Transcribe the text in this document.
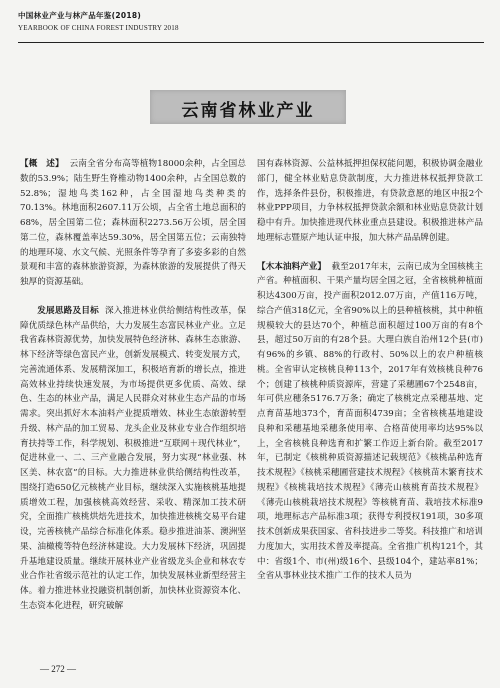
中国林业产业与林产品年鉴(2018)
YEARBOOK OF CHINA FOREST INDUSTRY 2018
云南省林业产业

【概　述】 云南全省分布高等植物18000余种，占全国总数的53.9%；陆生野生脊椎动物1400余种，占全国总数的52.8%；湿地鸟类162种，占全国湿地鸟类种类的70.13%。林地面积2607.11万公顷，占全省土地总面积的68%，居全国第二位；森林面积2273.56万公顷，居全国第二位，森林覆盖率达59.30%，居全国第五位；云南独特的地理环境、水文气候、光照条件等孕育了多姿多彩的自然景观和丰富的森林旅游资源，为森林旅游的发展提供了得天独厚的资源基础。

发展思路及目标 深入推进林业供给侧结构性改革，保障优质绿色林产品供给，大力发展生态富民林业产业。立足我省森林资源优势，加快发展特色经济林、森林生态旅游、林下经济等绿色富民产业，创新发展模式、转变发展方式，完善流通体系、发展精深加工，积极培育新的增长点，推进高效林业持续快速发展，为市场提供更多优质、高效、绿色、生态的林业产品，满足人民群众对林业生态产品的市场需求。突出抓好木本油料产业提质增效、林业生态旅游转型升级、林产品的加工贸易、龙头企业及林业专业合作组织培育扶持等工作，科学规划、积极推进“互联网＋现代林业”，促进林业一、二、三产业融合发展，努力实现“林业强、林区美、林农富”的目标。大力推进林业供给侧结构性改革，围绕打造650亿元核桃产业目标，继续深入实施核桃基地提质增效工程，加强核桃高效经营、采收、精深加工技术研究，全面推广核桃烘焙先进技术，加快推进核桃交易平台建设，完善核桃产品综合标准化体系。稳步推进油茶、澳洲坚果、油橄榄等特色经济林建设。大力发展林下经济，巩固提升基地建设质量。继续开展林业产业省级龙头企业和林农专业合作社省级示范社的认定工作，加快发展林业新型经营主体。着力推进林业投融资机制创新，加快林业资源资本化、生态资本化进程，研究破解

国有森林资源、公益林抵押担保权能问题，积极协调金融业部门，健全林业贴息贷款制度，大力推进林权抵押贷款工作，选择条件县份，积极推进，有贷款意愿的地区申报2个林业PPP项目，力争林权抵押贷款余额和林业贴息贷款计划稳中有升。加快推进现代林业重点县建设。积极推进林产品地理标志暨原产地认证申报，加大林产品品牌创建。

【木本油料产业】 截至2017年末，云南已成为全国核桃主产省。种植面积、干果产量均居全国之冠，全省核桃种植面积达4300万亩，投产面积2012.07万亩，产值116万吨，综合产值318亿元，全省90%以上的县种植核桃，其中种植规模较大的县达70个，种植总面积超过100万亩的有8个县，超过50万亩的有28个县。大理白族自治州12个县(市)有96%的乡镇、88%的行政村、50%以上的农户种植核桃。全省审认定核桃良种113个，2017年有效核桃良种76个；创建了核桃种质资源库，营建了采穗圃67个2548亩，年可供应穗条5176.7万条；确定了核桃定点采穗基地、定点育苗基地373个，育苗面积4739亩；全省核桃基地建设良种和采穗基地采穗条使用率、合格苗使用率均达95%以上，全省核桃良种选育和扩繁工作迈上新台阶。截至2017年，已制定《核桃种质资源描述记载规范》《核桃品种选育技术规程》《核桃采穗圃营建技术规程》《核桃苗木繁育技术规程》《核桃栽培技术规程》《薄壳山核桃育苗技术规程》《薄壳山核桃栽培技术规程》等核桃育苗、栽培技术标准9项，地理标志产品标准3项；获得专利授权191项，30多项技术创新成果获国家、省科技进步二等奖。科技推广和培训力度加大，实用技术普及率提高。全省推广机构121个，其中：省级1个、市(州)级16个、县级104个，建站率81%；全省从事林业技术推广工作的技术人员为

— 272 —
